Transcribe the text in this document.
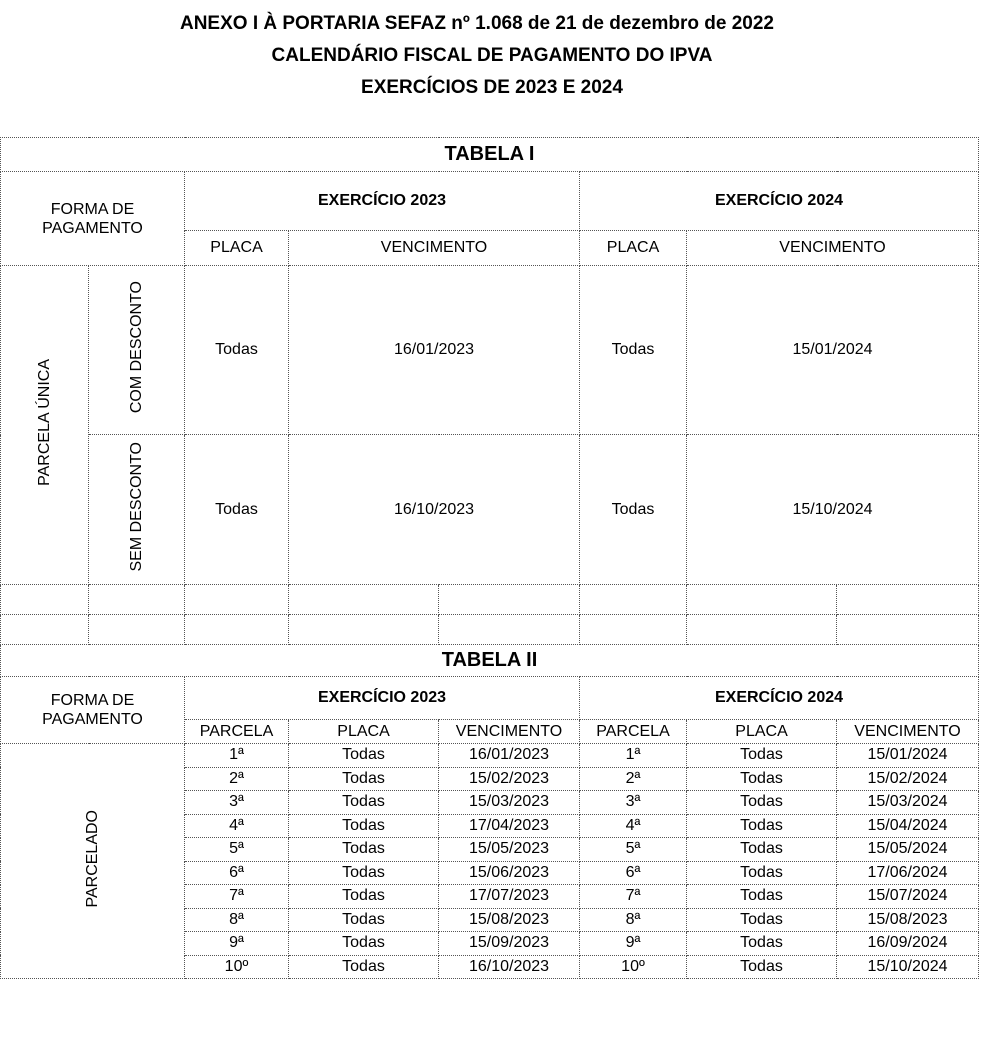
ANEXO I À PORTARIA SEFAZ nº 1.068 de 21 de dezembro de 2022
CALENDÁRIO FISCAL DE PAGAMENTO DO IPVA
EXERCÍCIOS DE 2023 E 2024
TABELA I							
FORMA DE PAGAMENTO		EXERCÍCIO 2023			EXERCÍCIO 2024		
		PLACA	VENCIMENTO		PLACA	VENCIMENTO	
PARCELA ÚNICA	COM DESCONTO	Todas	16/01/2023		Todas	15/01/2024	
	SEM DESCONTO	Todas	16/10/2023		Todas	15/10/2024	

TABELA II							
FORMA DE PAGAMENTO		EXERCÍCIO 2023			EXERCÍCIO 2024		
		PARCELA	PLACA	VENCIMENTO	PARCELA	PLACA	VENCIMENTO
PARCELADO		1ª	Todas	16/01/2023	1ª	Todas	15/01/2024
		2ª	Todas	15/02/2023	2ª	Todas	15/02/2024
		3ª	Todas	15/03/2023	3ª	Todas	15/03/2024
		4ª	Todas	17/04/2023	4ª	Todas	15/04/2024
		5ª	Todas	15/05/2023	5ª	Todas	15/05/2024
		6ª	Todas	15/06/2023	6ª	Todas	17/06/2024
		7ª	Todas	17/07/2023	7ª	Todas	15/07/2024
		8ª	Todas	15/08/2023	8ª	Todas	15/08/2023
		9ª	Todas	15/09/2023	9ª	Todas	16/09/2024
		10º	Todas	16/10/2023	10º	Todas	15/10/2024
